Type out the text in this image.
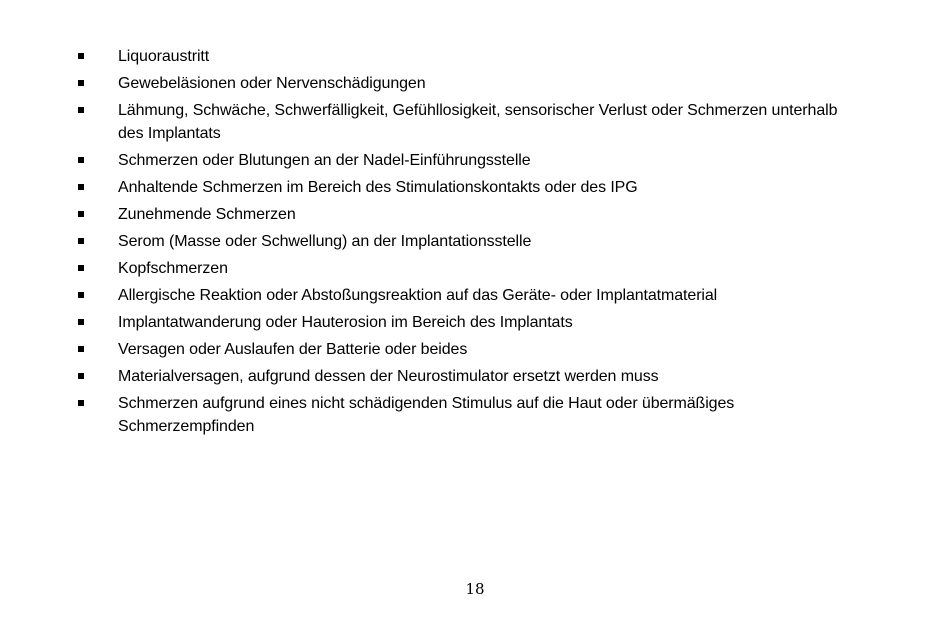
Liquoraustritt
Gewebeläsionen oder Nervenschädigungen
Lähmung, Schwäche, Schwerfälligkeit, Gefühllosigkeit, sensorischer Verlust oder Schmerzen unterhalb des Implantats
Schmerzen oder Blutungen an der Nadel-Einführungsstelle
Anhaltende Schmerzen im Bereich des Stimulationskontakts oder des IPG
Zunehmende Schmerzen
Serom (Masse oder Schwellung) an der Implantationsstelle
Kopfschmerzen
Allergische Reaktion oder Abstoßungsreaktion auf das Geräte- oder Implantatmaterial
Implantatwanderung oder Hauterosion im Bereich des Implantats
Versagen oder Auslaufen der Batterie oder beides
Materialversagen, aufgrund dessen der Neurostimulator ersetzt werden muss
Schmerzen aufgrund eines nicht schädigenden Stimulus auf die Haut oder übermäßiges Schmerzempfinden
18
